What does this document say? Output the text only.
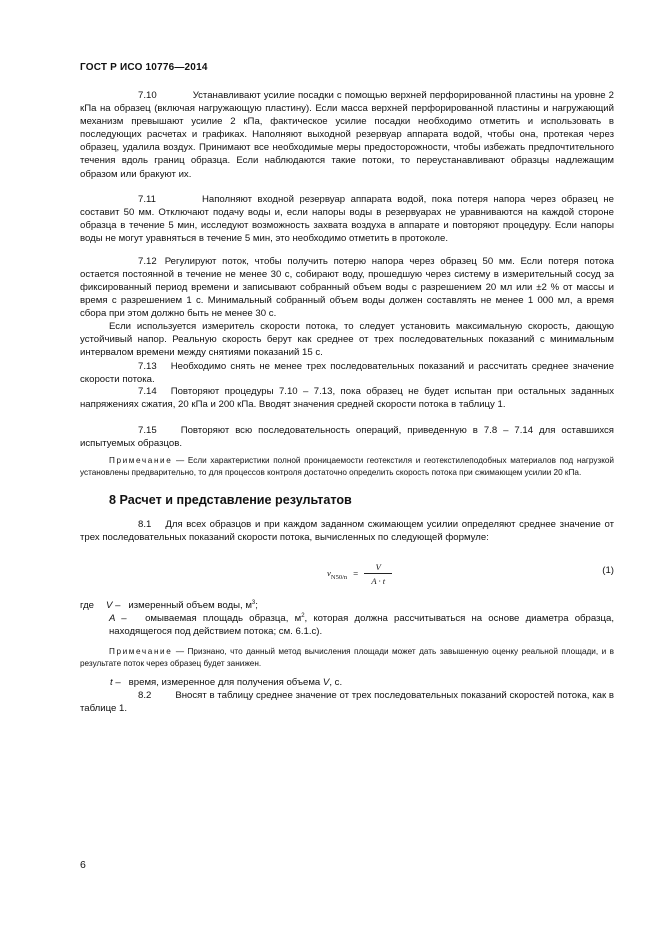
ГОСТ Р ИСО 10776—2014

7.10	Устанавливают усилие посадки с помощью верхней перфорированной пластины на уровне 2 кПа на образец (включая нагружающую пластину). Если масса верхней перфорированной пластины и нагружающий механизм превышают усилие 2 кПа, фактическое усилие посадки необходимо отметить и использовать в последующих расчетах и графиках. Наполняют выходной резервуар аппарата водой, чтобы она, протекая через образец, удалила воздух. Принимают все необходимые меры предосторожности, чтобы избежать предпочтительного течения вдоль границ образца. Если наблюдаются такие потоки, то переустанавливают образцы надлежащим образом или бракуют их.

7.11	Наполняют входной резервуар аппарата водой, пока потеря напора через образец не составит 50 мм. Отключают подачу воды и, если напоры воды в резервуарах не уравниваются на каждой стороне образца в течение 5 мин, исследуют возможность захвата воздуха в аппарате и повторяют процедуру. Если напоры воды не могут уравняться в течение 5 мин, это необходимо отметить в протоколе.

7.12 Регулируют поток, чтобы получить потерю напора через образец 50 мм. Если потеря потока остается постоянной в течение не менее 30 с, собирают воду, прошедшую через систему в измерительный сосуд за фиксированный период времени и записывают собранный объем воды с разрешением 20 мл или ±2 % от массы и время с разрешением 1 с. Минимальный собранный объем воды должен составлять не менее 1 000 мл, а время сбора при этом должно быть не менее 30 с.

Если используется измеритель скорости потока, то следует установить максимальную скорость, дающую устойчивый напор. Реальную скорость берут как среднее от трех последовательных показаний с минимальным интервалом времени между снятиями показаний 15 с.

7.13 Необходимо снять не менее трех последовательных показаний и рассчитать среднее значение скорости потока.

7.14 Повторяют процедуры 7.10 – 7.13, пока образец не будет испытан при остальных заданных напряжениях сжатия, 20 кПа и 200 кПа. Вводят значения средней скорости потока в таблицу 1.

7.15	Повторяют всю последовательность операций, приведенную в 7.8 – 7.14 для оставшихся испытуемых образцов.

Примечание — Если характеристики полной проницаемости геотекстиля и геотекстилеподобных материалов под нагрузкой установлены предварительно, то для процессов контроля достаточно определить скорость потока при сжимающем усилии 20 кПа.

8 Расчет и представление результатов

8.1 Для всех образцов и при каждом заданном сжимающем усилии определяют среднее значение от трех последовательных показаний скорости потока, вычисленных по следующей формуле:

$v_{N50/n} = \frac{V}{A \cdot t}$	(1)
где V – измеренный объем воды, $м^3$;
A – омываемая площадь образца, $м^2$, которая должна рассчитываться на основе диаметра образца, находящегося под действием потока; см. 6.1.c).

Примечание — Признано, что данный метод вычисления площади может дать завышенную оценку реальной площади, и в результате поток через образец будет занижен.

t – время, измеренное для получения объема V, с.

8.2	Вносят в таблицу среднее значение от трех последовательных показаний скоростей потока, как в таблице 1.

6
